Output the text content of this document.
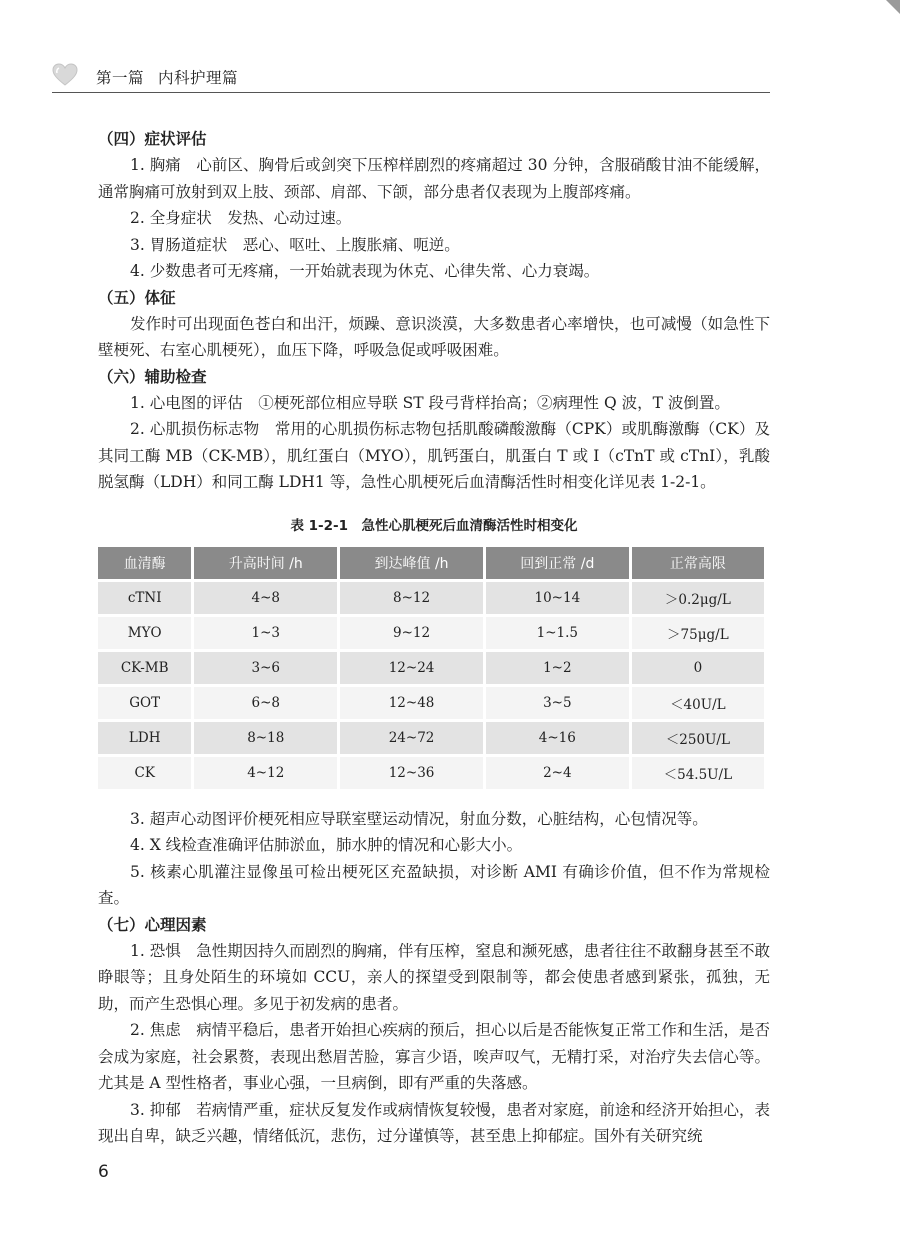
第一篇 内科护理篇

（四）症状评估

1. 胸痛　心前区、胸骨后或剑突下压榨样剧烈的疼痛超过 30 分钟，含服硝酸甘油不能缓解，通常胸痛可放射到双上肢、颈部、肩部、下颌，部分患者仅表现为上腹部疼痛。

2. 全身症状　发热、心动过速。

3. 胃肠道症状　恶心、呕吐、上腹胀痛、呃逆。

4. 少数患者可无疼痛，一开始就表现为休克、心律失常、心力衰竭。

（五）体征

发作时可出现面色苍白和出汗，烦躁、意识淡漠，大多数患者心率增快，也可减慢（如急性下壁梗死、右室心肌梗死），血压下降，呼吸急促或呼吸困难。

（六）辅助检查

1. 心电图的评估　①梗死部位相应导联 ST 段弓背样抬高；②病理性 Q 波，T 波倒置。

2. 心肌损伤标志物　常用的心肌损伤标志物包括肌酸磷酸激酶（CPK）或肌酶激酶（CK）及其同工酶 MB（CK-MB），肌红蛋白（MYO），肌钙蛋白，肌蛋白 T 或 I（cTnT 或 cTnI），乳酸脱氢酶（LDH）和同工酶 LDH1 等，急性心肌梗死后血清酶活性时相变化详见表 1-2-1。

表 1-2-1　急性心肌梗死后血清酶活性时相变化
血清酶	升高时间 /h	到达峰值 /h	回到正常 /d	正常高限
cTNI	4~8	8~12	10~14	＞0.2μg/L
MYO	1~3	9~12	1~1.5	＞75μg/L
CK-MB	3~6	12~24	1~2	0
GOT	6~8	12~48	3~5	＜40U/L
LDH	8~18	24~72	4~16	＜250U/L
CK	4~12	12~36	2~4	＜54.5U/L

3. 超声心动图评价梗死相应导联室壁运动情况，射血分数，心脏结构，心包情况等。

4. X 线检查准确评估肺淤血，肺水肿的情况和心影大小。

5. 核素心肌灌注显像虽可检出梗死区充盈缺损，对诊断 AMI 有确诊价值，但不作为常规检查。

（七）心理因素

1. 恐惧　急性期因持久而剧烈的胸痛，伴有压榨，窒息和濒死感，患者往往不敢翻身甚至不敢睁眼等；且身处陌生的环境如 CCU，亲人的探望受到限制等，都会使患者感到紧张，孤独，无助，而产生恐惧心理。多见于初发病的患者。

2. 焦虑　病情平稳后，患者开始担心疾病的预后，担心以后是否能恢复正常工作和生活，是否会成为家庭，社会累赘，表现出愁眉苦脸，寡言少语，唉声叹气，无精打采，对治疗失去信心等。尤其是 A 型性格者，事业心强，一旦病倒，即有严重的失落感。

3. 抑郁　若病情严重，症状反复发作或病情恢复较慢，患者对家庭，前途和经济开始担心，表现出自卑，缺乏兴趣，情绪低沉，悲伤，过分谨慎等，甚至患上抑郁症。国外有关研究统

6
